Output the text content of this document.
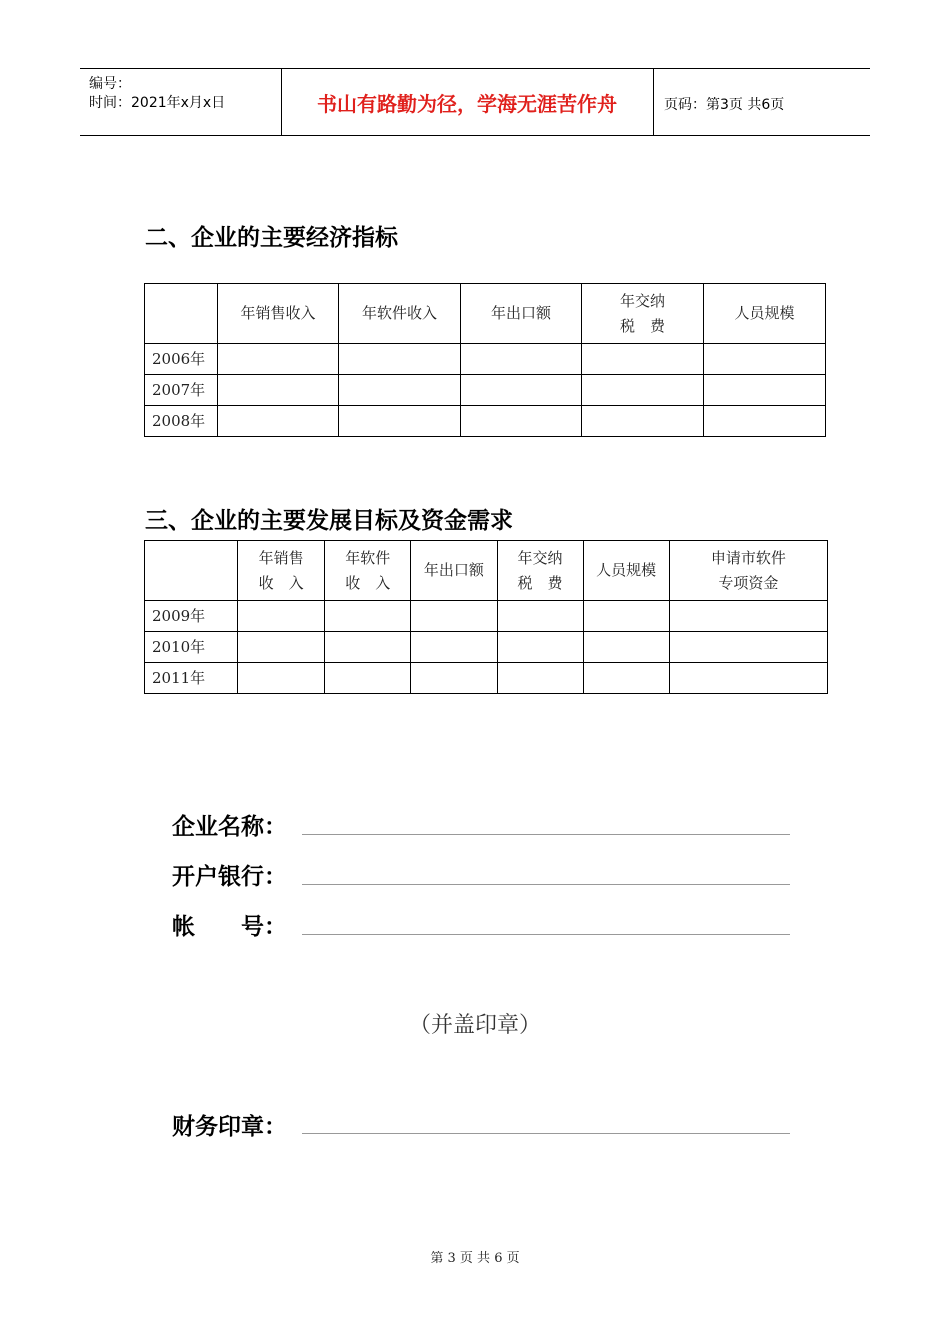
编号：
时间：2021年x月x日	书山有路勤为径，学海无涯苦作舟	页码：第3页 共6页
二、企业的主要经济指标
	年销售收入	年软件收入	年出口额	年交纳
税　费	人员规模
2006年					
2007年					
2008年					
三、企业的主要发展目标及资金需求
	年销售
收　入	年软件
收　入	年出口额	年交纳
税　费	人员规模	申请市软件
专项资金
2009年						
2010年						
2011年						
企业名称：
开户银行：
帐　　号：
（并盖印章）
财务印章：
第 3 页 共 6 页
